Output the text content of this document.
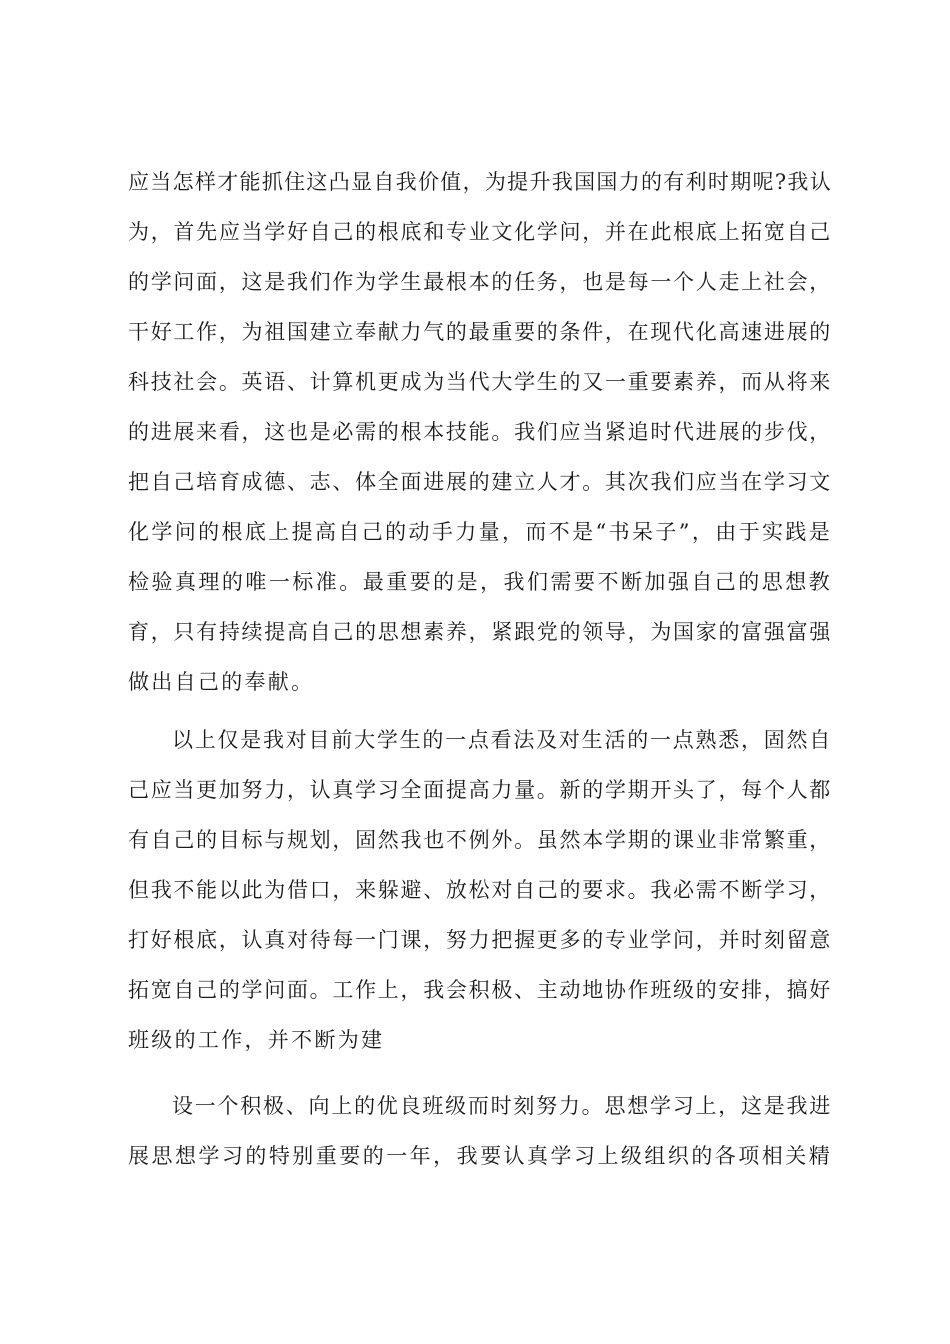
应当怎样才能抓住这凸显自我价值，为提升我国国力的有利时期呢?我认
为，首先应当学好自己的根底和专业文化学问，并在此根底上拓宽自己
的学问面，这是我们作为学生最根本的任务，也是每一个人走上社会，
干好工作，为祖国建立奉献力气的最重要的条件，在现代化高速进展的
科技社会。英语、计算机更成为当代大学生的又一重要素养，而从将来
的进展来看，这也是必需的根本技能。我们应当紧追时代进展的步伐，
把自己培育成德、志、体全面进展的建立人才。其次我们应当在学习文
化学问的根底上提高自己的动手力量，而不是“书呆子”，由于实践是
检验真理的唯一标准。最重要的是，我们需要不断加强自己的思想教
育，只有持续提高自己的思想素养，紧跟党的领导，为国家的富强富强
做出自己的奉献。
以上仅是我对目前大学生的一点看法及对生活的一点熟悉，固然自
己应当更加努力，认真学习全面提高力量。新的学期开头了，每个人都
有自己的目标与规划，固然我也不例外。虽然本学期的课业非常繁重，
但我不能以此为借口，来躲避、放松对自己的要求。我必需不断学习，
打好根底，认真对待每一门课，努力把握更多的专业学问，并时刻留意
拓宽自己的学问面。工作上，我会积极、主动地协作班级的安排，搞好
班级的工作，并不断为建
设一个积极、向上的优良班级而时刻努力。思想学习上，这是我进
展思想学习的特别重要的一年，我要认真学习上级组织的各项相关精
